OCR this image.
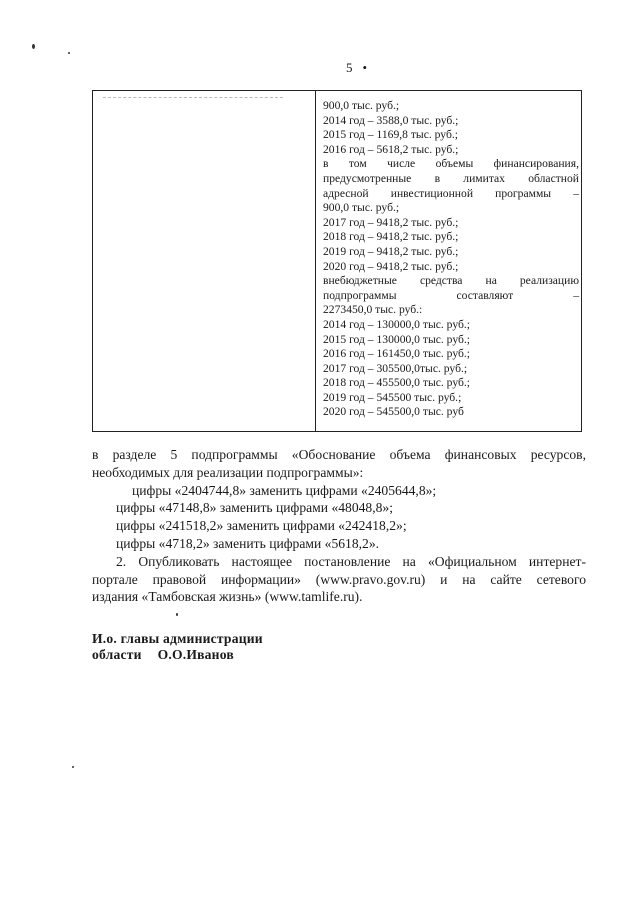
5 •
900,0 тыс. руб.;
2014 год – 3588,0 тыс. руб.;
2015 год – 1169,8 тыс. руб.;
2016 год – 5618,2 тыс. руб.;
в том числе объемы финансирования,
предусмотренные в лимитах областной
адресной инвестиционной программы –
900,0 тыс. руб.;
2017 год – 9418,2 тыс. руб.;
2018 год – 9418,2 тыс. руб.;
2019 год – 9418,2 тыс. руб.;
2020 год – 9418,2 тыс. руб.;
внебюджетные средства на реализацию
подпрограммы составляют –
2273450,0 тыс. руб.:
2014 год – 130000,0 тыс. руб.;
2015 год – 130000,0 тыс. руб.;
2016 год – 161450,0 тыс. руб.;
2017 год – 305500,0тыс. руб.;
2018 год – 455500,0 тыс. руб.;
2019 год – 545500 тыс. руб.;
2020 год – 545500,0 тыс. руб

в разделе 5 подпрограммы «Обоснование объема финансовых ресурсов,

необходимых для реализации подпрограммы»:

цифры «2404744,8» заменить цифрами «2405644,8»;

цифры «47148,8» заменить цифрами «48048,8»;

цифры «241518,2» заменить цифрами «242418,2»;

цифры «4718,2» заменить цифрами «5618,2».

2. Опубликовать настоящее постановление на «Официальном интернет-

портале правовой информации» (www.pravo.gov.ru) и на сайте сетевого

издания «Тамбовская жизнь» (www.tamlife.ru).

И.о. главы администрации
области О.О.Иванов
